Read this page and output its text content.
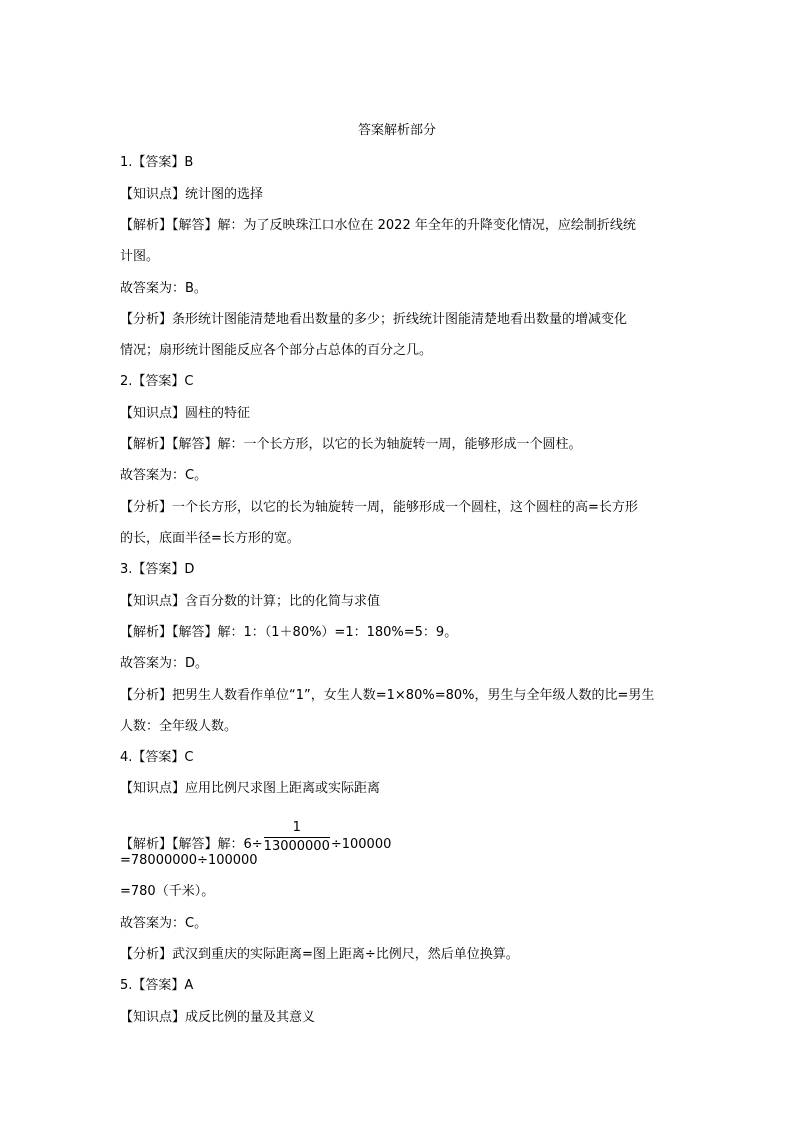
答案解析部分
1.【答案】B
【知识点】统计图的选择
【解析】【解答】解：为了反映珠江口水位在 2022 年全年的升降变化情况，应绘制折线统
计图。
故答案为：B。
【分析】条形统计图能清楚地看出数量的多少；折线统计图能清楚地看出数量的增减变化
情况；扇形统计图能反应各个部分占总体的百分之几。
2.【答案】C
【知识点】圆柱的特征
【解析】【解答】解：一个长方形，以它的长为轴旋转一周，能够形成一个圆柱。
故答案为：C。
【分析】一个长方形，以它的长为轴旋转一周，能够形成一个圆柱，这个圆柱的高=长方形
的长，底面半径=长方形的宽。
3.【答案】D
【知识点】含百分数的计算；比的化简与求值
【解析】【解答】解：1：（1＋80%）=1：180%=5：9。
故答案为：D。
【分析】把男生人数看作单位“1”，女生人数=1×80%=80%，男生与全年级人数的比=男生
人数：全年级人数。
4.【答案】C
【知识点】应用比例尺求图上距离或实际距离
【解析】【解答】解：$6\div \frac{1}{13000000} \div 100000$
=78000000÷100000
=780（千米）。
故答案为：C。
【分析】武汉到重庆的实际距离=图上距离÷比例尺，然后单位换算。
5.【答案】A
【知识点】成反比例的量及其意义
